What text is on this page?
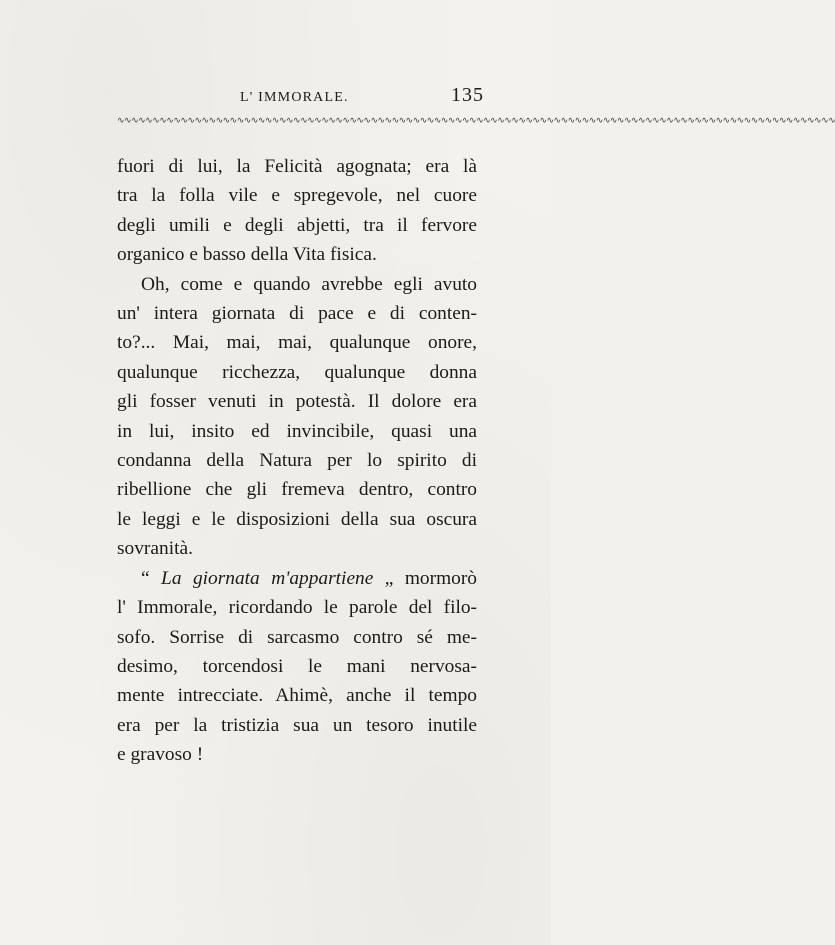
L' IMMORALE.	135
∿∿∿∿∿∿∿∿∿∿∿∿∿∿∿∿∿∿∿∿∿∿∿∿∿∿∿∿∿∿∿∿∿∿∿∿∿∿∿∿∿∿∿∿∿∿∿∿∿∿∿∿∿∿∿∿∿∿∿∿∿∿∿∿∿∿∿∿∿∿∿∿∿∿∿∿∿∿∿∿∿∿∿∿∿∿∿∿∿∿∿∿∿∿∿∿∿∿∿∿∿∿

fuori di lui, la Felicità agognata; era là
tra la folla vile e spregevole, nel cuore
degli umili e degli abjetti, tra il fervore
organico e basso della Vita fisica.

Oh, come e quando avrebbe egli avuto
un' intera giornata di pace e di conten-
to?... Mai, mai, mai, qualunque onore,
qualunque ricchezza, qualunque donna
gli fosser venuti in potestà. Il dolore era
in lui, insito ed invincibile, quasi una
condanna della Natura per lo spirito di
ribellione che gli fremeva dentro, contro
le leggi e le disposizioni della sua oscura
sovranità.

“ La giornata m'appartiene „ mormorò
l' Immorale, ricordando le parole del filo-
sofo. Sorrise di sarcasmo contro sé me-
desimo, torcendosi le mani nervosa-
mente intrecciate. Ahimè, anche il tempo
era per la tristizia sua un tesoro inutile
e gravoso !
